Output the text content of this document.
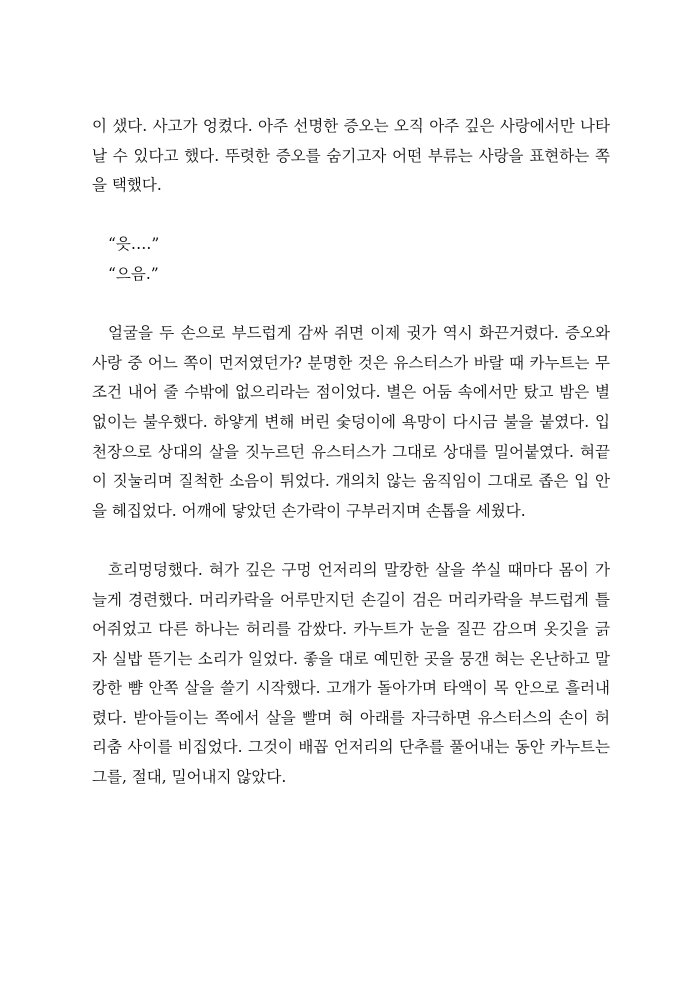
이 샜다. 사고가 엉켰다. 아주 선명한 증오는 오직 아주 깊은 사랑에서만 나타날 수 있다고 했다. 뚜렷한 증오를 숨기고자 어떤 부류는 사랑을 표현하는 쪽을 택했다.

“읏….”
“으음.”

얼굴을 두 손으로 부드럽게 감싸 쥐면 이제 귓가 역시 화끈거렸다. 증오와 사랑 중 어느 쪽이 먼저였던가? 분명한 것은 유스터스가 바랄 때 카누트는 무조건 내어 줄 수밖에 없으리라는 점이었다. 별은 어둠 속에서만 탔고 밤은 별 없이는 불우했다. 하얗게 변해 버린 숯덩이에 욕망이 다시금 불을 붙였다. 입천장으로 상대의 살을 짓누르던 유스터스가 그대로 상대를 밀어붙였다. 혀끝이 짓눌리며 질척한 소음이 튀었다. 개의치 않는 움직임이 그대로 좁은 입 안을 헤집었다. 어깨에 닿았던 손가락이 구부러지며 손톱을 세웠다.

흐리멍덩했다. 혀가 깊은 구멍 언저리의 말캉한 살을 쑤실 때마다 몸이 가늘게 경련했다. 머리카락을 어루만지던 손길이 검은 머리카락을 부드럽게 틀어쥐었고 다른 하나는 허리를 감쌌다. 카누트가 눈을 질끈 감으며 옷깃을 긁자 실밥 뜯기는 소리가 일었다. 좋을 대로 예민한 곳을 뭉갠 혀는 온난하고 말캉한 뺨 안쪽 살을 쓸기 시작했다. 고개가 돌아가며 타액이 목 안으로 흘러내렸다. 받아들이는 쪽에서 살을 빨며 혀 아래를 자극하면 유스터스의 손이 허리춤 사이를 비집었다. 그것이 배꼽 언저리의 단추를 풀어내는 동안 카누트는 그를, 절대, 밀어내지 않았다.
